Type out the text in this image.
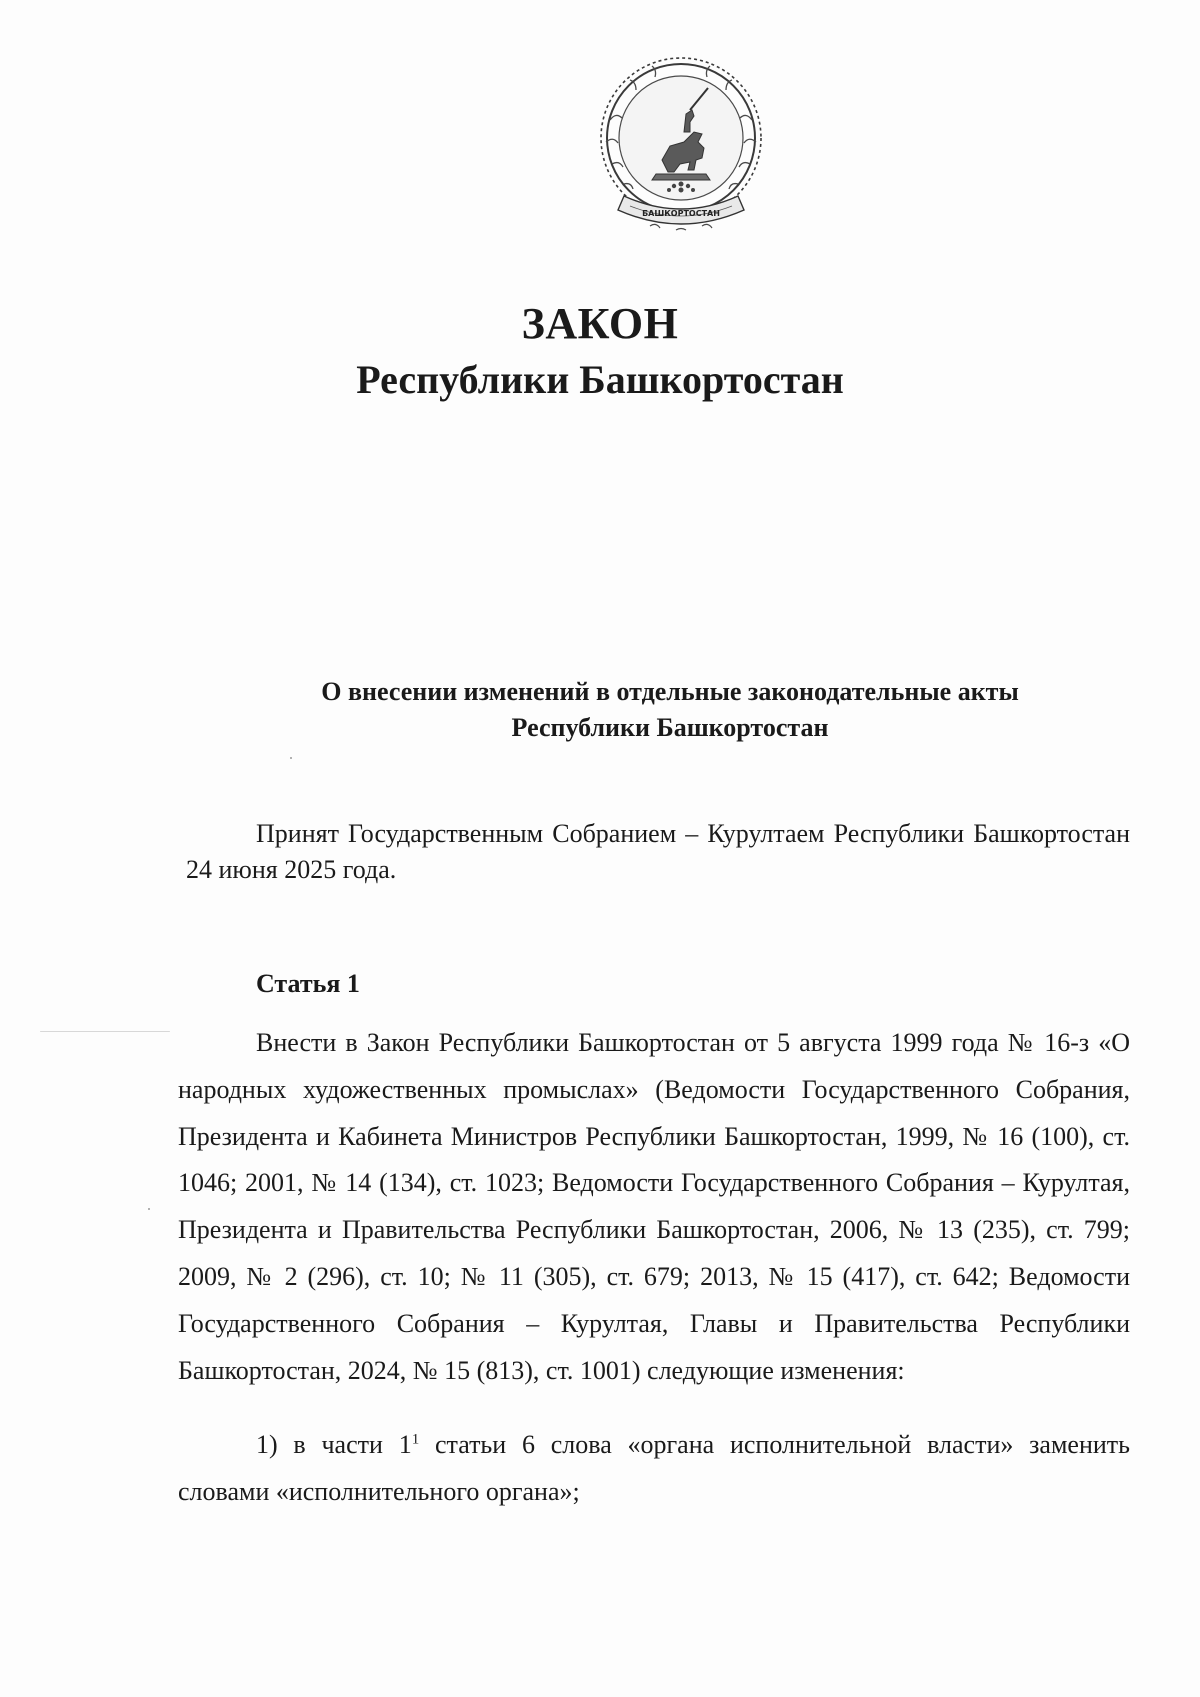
БАШКОРТОСТАН
ЗАКОН
Республики Башкортостан
О внесении изменений в отдельные законодательные акты
Республики Башкортостан

Принят Государственным Собранием – Курултаем Республики Башкортостан 24 июня 2025 года.

Статья 1

Внести в Закон Республики Башкортостан от 5 августа 1999 года № 16-з «О народных художественных промыслах» (Ведомости Государственного Собрания, Президента и Кабинета Министров Республики Башкортостан, 1999, № 16 (100), ст. 1046; 2001, № 14 (134), ст. 1023; Ведомости Государственного Собрания – Курултая, Президента и Правительства Республики Башкортостан, 2006, № 13 (235), ст. 799; 2009, № 2 (296), ст. 10; № 11 (305), ст. 679; 2013, № 15 (417), ст. 642; Ведомости Государственного Собрания – Курултая, Главы и Правительства Республики Башкортостан, 2024, № 15 (813), ст. 1001) следующие изменения:

1) в части $1^1$ статьи 6 слова «органа исполнительной власти» заменить словами «исполнительного органа»;
